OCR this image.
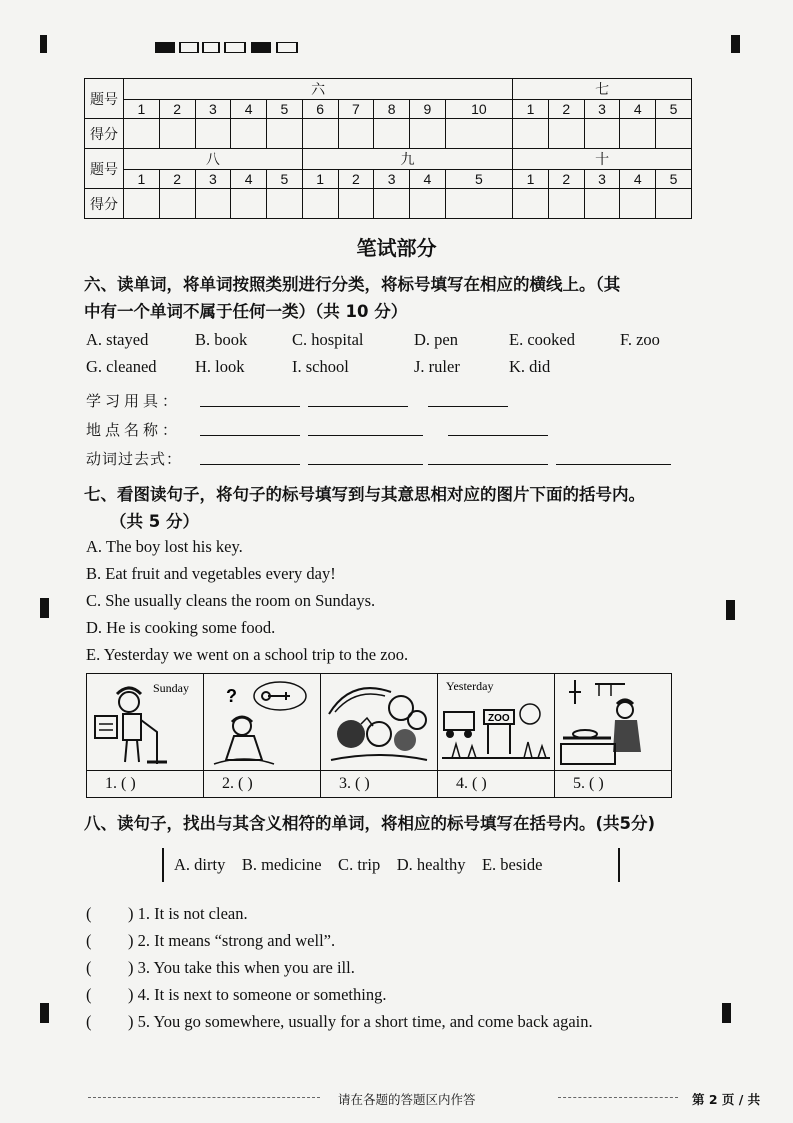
题号	六										七				
	1	2	3	4	5	6	7	8	9	10	1	2	3	4	5
得分															
题号	八					九					十				
	1	2	3	4	5	1	2	3	4	5	1	2	3	4	5
得分															
笔试部分
六、读单词，将单词按照类别进行分类，将标号填写在相应的横线上。（其
中有一个单词不属于任何一类）（共 10 分）
A. stayed	B. book	C. hospital	D. pen	E. cooked	F. zoo
G. cleaned H. look	I. school	J. ruler	K. did
学习用具：
地点名称：
动词过去式：
七、看图读句子，将句子的标号填写到与其意思相对应的图片下面的括号内。
（共 5 分）
A. The boy lost his key.
B. Eat fruit and vegetables every day!
C. She usually cleans the room on Sundays.
D. He is cooking some food.
E. Yesterday we went on a school trip to the zoo.
Sunday	?		Yesterday
ZOO

1. ( )	2. ( )	3. ( )	4. ( )	5. ( )
八、读句子，找出与其含义相符的单词，将相应的标号填写在括号内。(共5分)
A. dirty    B. medicine    C. trip    D. healthy    E. beside
( ) 1. It is not clean.
( ) 2. It means “strong and well”.
( ) 3. You take this when you are ill.
( ) 4. It is next to someone or something.
( ) 5. You go somewhere, usually for a short time, and come back again.
请在各题的答题区内作答	第 2 页 / 共
